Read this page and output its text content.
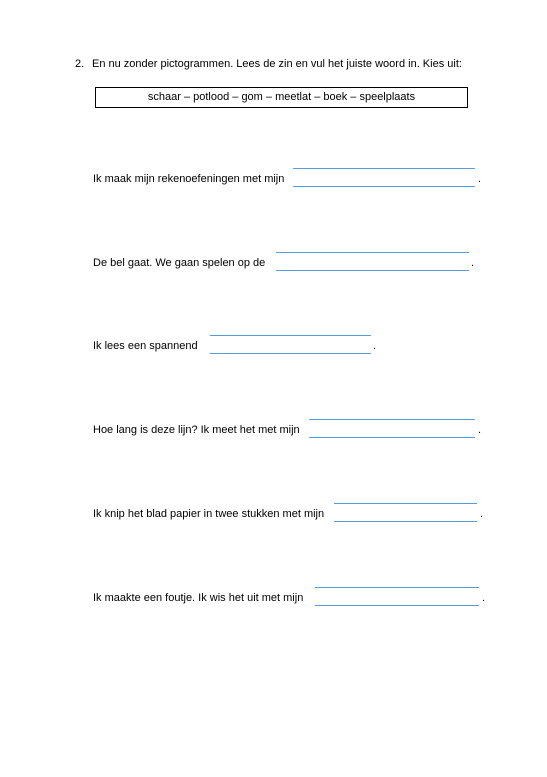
2. En nu zonder pictogrammen. Lees de zin en vul het juiste woord in. Kies uit:
schaar – potlood – gom – meetlat – boek – speelplaats
Ik maak mijn rekenoefeningen met mijn	.
De bel gaat. We gaan spelen op de	.
Ik lees een spannend	.
Hoe lang is deze lijn? Ik meet het met mijn	.
Ik knip het blad papier in twee stukken met mijn	.
Ik maakte een foutje. Ik wis het uit met mijn	.
